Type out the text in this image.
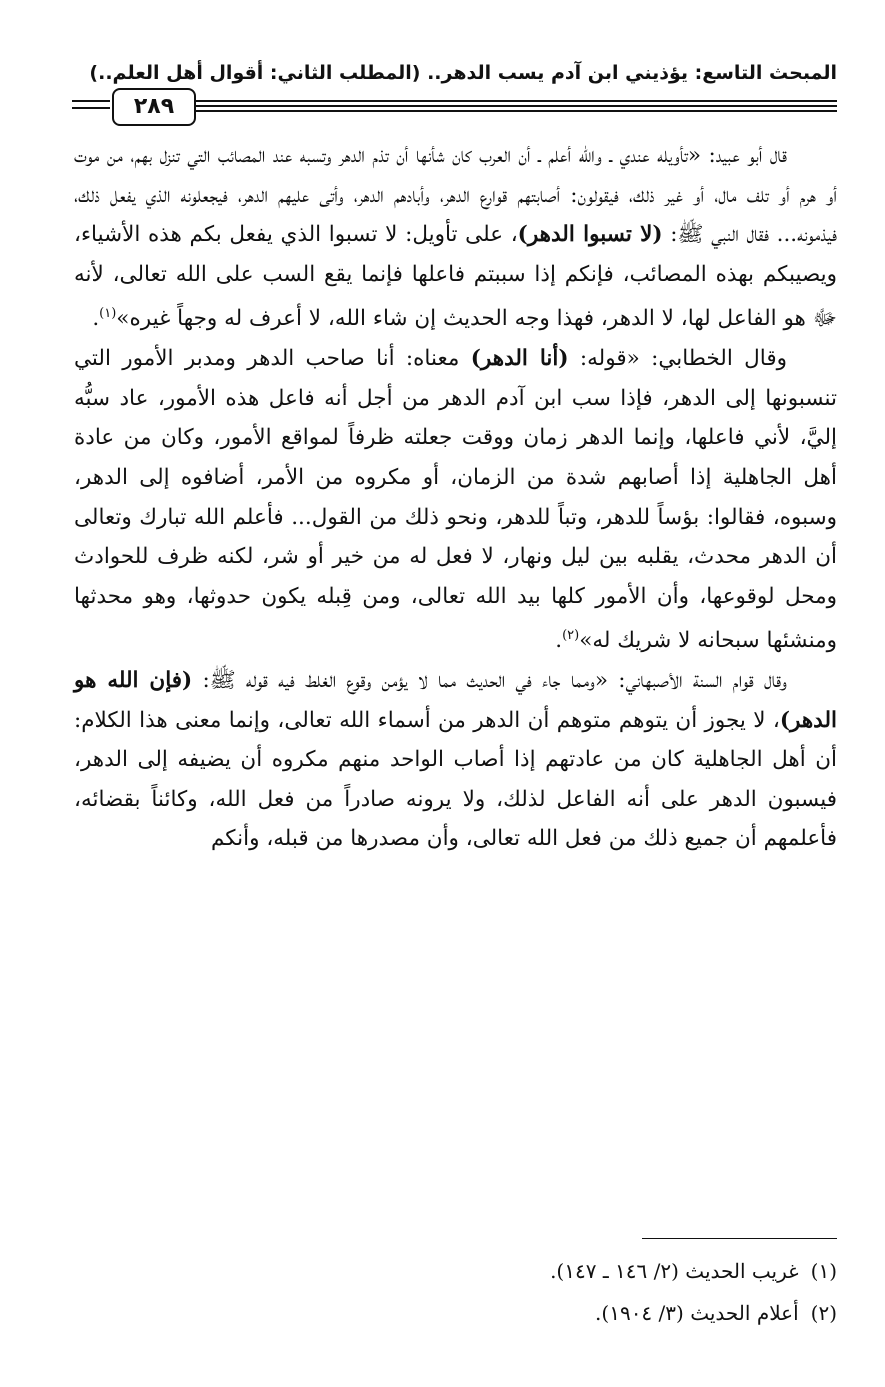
المبحث التاسع: يؤذيني ابن آدم يسب الدهر.. (المطلب الثاني: أقوال أهل العلم..)
٢٨٩

قال أبو عبيد: «تأويله عندي ـ والله أعلم ـ أن العرب كان شأنها أن تذم الدهر وتسبه عند المصائب التي تنزل بهم، من موت أو هرم أو تلف مال، أو غير ذلك، فيقولون: أصابتهم قوارع الدهر، وأبادهم الدهر، وأتى عليهم الدهر، فيجعلونه الذي يفعل ذلك، فيذمونه... فقال النبي ﷺ: (لا تسبوا الدهر)، على تأويل: لا تسبوا الذي يفعل بكم هذه الأشياء، ويصيبكم بهذه المصائب، فإنكم إذا سببتم فاعلها فإنما يقع السب على الله تعالى، لأنه ﷻ هو الفاعل لها، لا الدهر، فهذا وجه الحديث إن شاء الله، لا أعرف له وجهاً غيره»$^{(١)}$.

وقال الخطابي: «قوله: (أنا الدهر) معناه: أنا صاحب الدهر ومدبر الأمور التي تنسبونها إلى الدهر، فإذا سب ابن آدم الدهر من أجل أنه فاعل هذه الأمور، عاد سبُّه إليَّ، لأني فاعلها، وإنما الدهر زمان ووقت جعلته ظرفاً لمواقع الأمور، وكان من عادة أهل الجاهلية إذا أصابهم شدة من الزمان، أو مكروه من الأمر، أضافوه إلى الدهر، وسبوه، فقالوا: بؤساً للدهر، وتباً للدهر، ونحو ذلك من القول... فأعلم الله تبارك وتعالى أن الدهر محدث، يقلبه بين ليل ونهار، لا فعل له من خير أو شر، لكنه ظرف للحوادث ومحل لوقوعها، وأن الأمور كلها بيد الله تعالى، ومن قِبله يكون حدوثها، وهو محدثها ومنشئها سبحانه لا شريك له»$^{(٢)}$.

وقال قوام السنة الأصبهاني: «ومما جاء في الحديث مما لا يؤمن وقوع الغلط فيه قوله ﷺ: (فإن الله هو الدهر)، لا يجوز أن يتوهم متوهم أن الدهر من أسماء الله تعالى، وإنما معنى هذا الكلام: أن أهل الجاهلية كان من عادتهم إذا أصاب الواحد منهم مكروه أن يضيفه إلى الدهر، فيسبون الدهر على أنه الفاعل لذلك، ولا يرونه صادراً من فعل الله، وكائناً بقضائه، فأعلمهم أن جميع ذلك من فعل الله تعالى، وأن مصدرها من قبله، وأنكم

(١)غريب الحديث (٢/ ١٤٦ ـ ١٤٧).

(٢)أعلام الحديث (٣/ ١٩٠٤).
